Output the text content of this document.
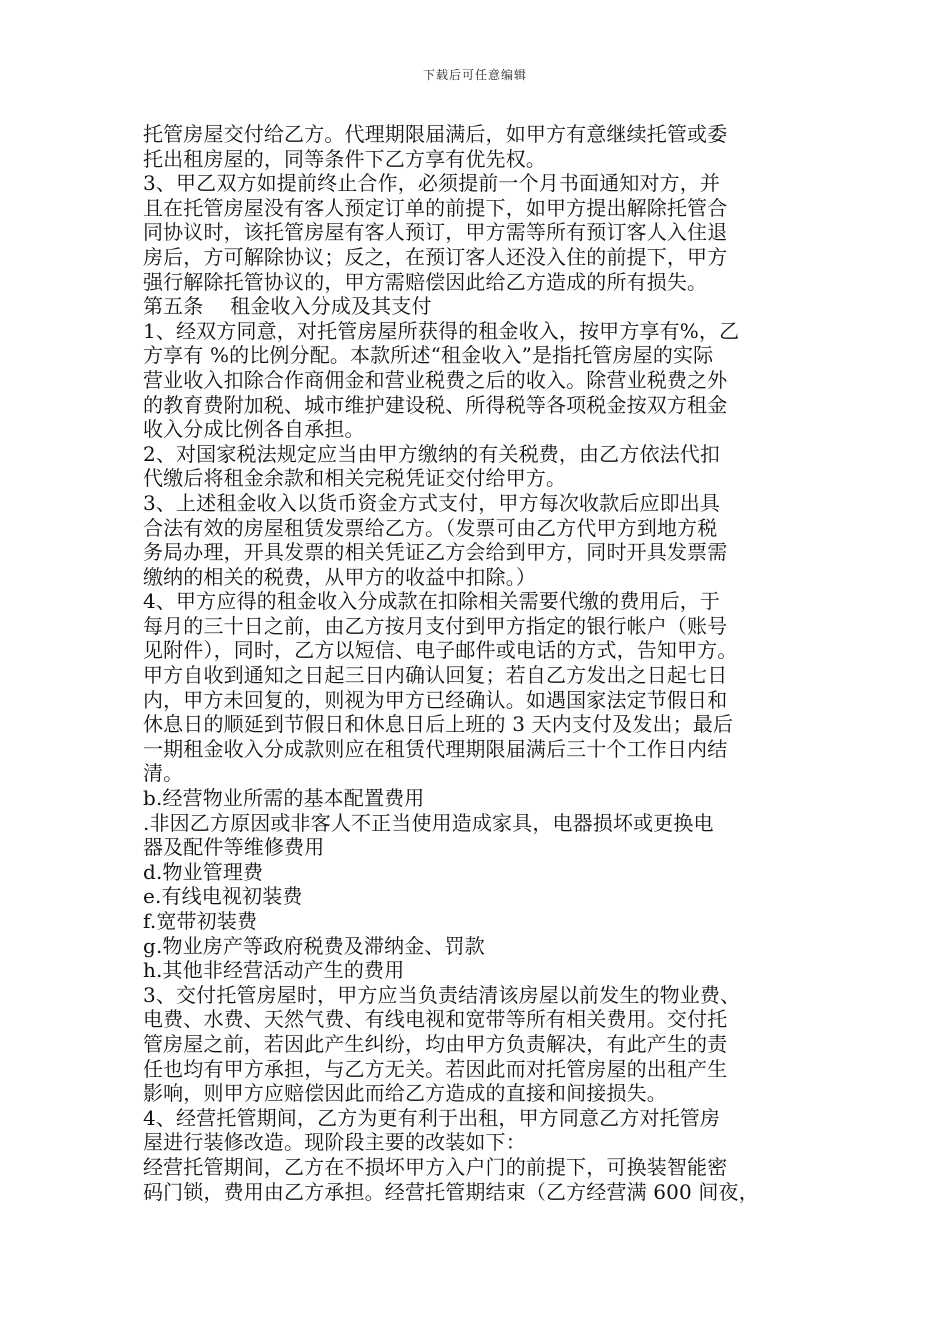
下载后可任意编辑
托管房屋交付给乙方。代理期限届满后，如甲方有意继续托管或委
托出租房屋的，同等条件下乙方享有优先权。
3、甲乙双方如提前终止合作，必须提前一个月书面通知对方，并
且在托管房屋没有客人预定订单的前提下，如甲方提出解除托管合
同协议时，该托管房屋有客人预订，甲方需等所有预订客人入住退
房后，方可解除协议；反之，在预订客人还没入住的前提下，甲方
强行解除托管协议的，甲方需赔偿因此给乙方造成的所有损失。
第五条　 租金收入分成及其支付
1、经双方同意，对托管房屋所获得的租金收入，按甲方享有%，乙
方享有 %的比例分配。本款所述“租金收入”是指托管房屋的实际
营业收入扣除合作商佣金和营业税费之后的收入。除营业税费之外
的教育费附加税、城市维护建设税、所得税等各项税金按双方租金
收入分成比例各自承担。
2、对国家税法规定应当由甲方缴纳的有关税费，由乙方依法代扣
代缴后将租金余款和相关完税凭证交付给甲方。
3、上述租金收入以货币资金方式支付，甲方每次收款后应即出具
合法有效的房屋租赁发票给乙方。（发票可由乙方代甲方到地方税
务局办理，开具发票的相关凭证乙方会给到甲方，同时开具发票需
缴纳的相关的税费，从甲方的收益中扣除。）
4、甲方应得的租金收入分成款在扣除相关需要代缴的费用后，于
每月的三十日之前，由乙方按月支付到甲方指定的银行帐户（账号
见附件），同时，乙方以短信、电子邮件或电话的方式，告知甲方。
甲方自收到通知之日起三日内确认回复；若自乙方发出之日起七日
内，甲方未回复的，则视为甲方已经确认。如遇国家法定节假日和
休息日的顺延到节假日和休息日后上班的 3 天内支付及发出；最后
一期租金收入分成款则应在租赁代理期限届满后三十个工作日内结
清。
b.经营物业所需的基本配置费用
.非因乙方原因或非客人不正当使用造成家具，电器损坏或更换电
器及配件等维修费用
d.物业管理费
e.有线电视初装费
f.宽带初装费
g.物业房产等政府税费及滞纳金、罚款
h.其他非经营活动产生的费用
3、交付托管房屋时，甲方应当负责结清该房屋以前发生的物业费、
电费、水费、天然气费、有线电视和宽带等所有相关费用。交付托
管房屋之前，若因此产生纠纷，均由甲方负责解决，有此产生的责
任也均有甲方承担，与乙方无关。若因此而对托管房屋的出租产生
影响，则甲方应赔偿因此而给乙方造成的直接和间接损失。
4、经营托管期间，乙方为更有利于出租，甲方同意乙方对托管房
屋进行装修改造。现阶段主要的改装如下：
经营托管期间，乙方在不损坏甲方入户门的前提下，可换装智能密
码门锁，费用由乙方承担。经营托管期结束（乙方经营满 600 间夜，
